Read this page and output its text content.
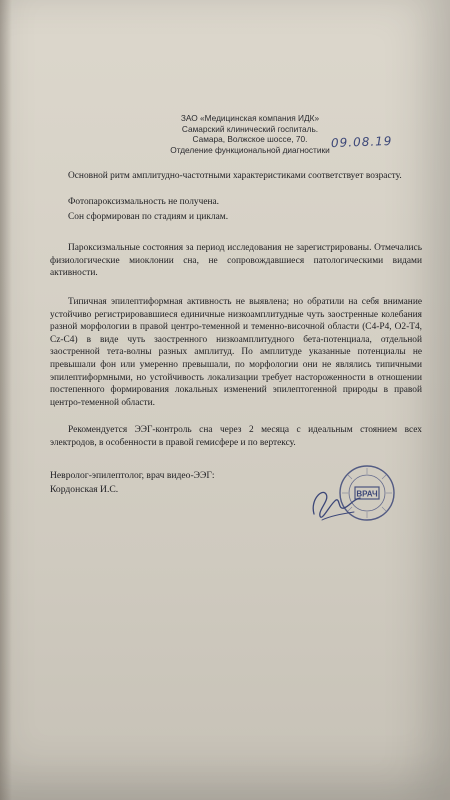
ЗАО «Медицинская компания ИДК»
Самарский клинический госпиталь.
Самара, Волжское шоссе, 70.
Отделение функциональной диагностики 09.08.19

Основной ритм амплитудно-частотными характеристиками соответствует возрасту.

Фотопароксизмальность не получена.

Сон сформирован по стадиям и циклам.

Пароксизмальные состояния за период исследования не зарегистрированы. Отмечались физиологические миоклонии сна, не сопровождавшиеся патологическими видами активности.

Типичная эпилептиформная активность не выявлена; но обратили на себя внимание устойчиво регистрировавшиеся единичные низкоамплитудные чуть заостренные колебания разной морфологии в правой центро-теменной и теменно-височной области (C4-P4, O2-T4, Cz-C4) в виде чуть заостренного низкоамплитудного бета-потенциала, отдельной заостренной тета-волны разных амплитуд. По амплитуде указанные потенциалы не превышали фон или умеренно превышали, по морфологии они не являлись типичными эпилептиформными, но устойчивость локализации требует настороженности в отношении постепенного формирования локальных изменений эпилептогенной природы в правой центро-теменной области.

Рекомендуется ЭЭГ-контроль сна через 2 месяца с идеальным стоянием всех электродов, в особенности в правой гемисфере и по вертексу.

Невролог-эпилептолог, врач видео-ЭЭГ:
Кордонская И.С.	ВРАЧ
